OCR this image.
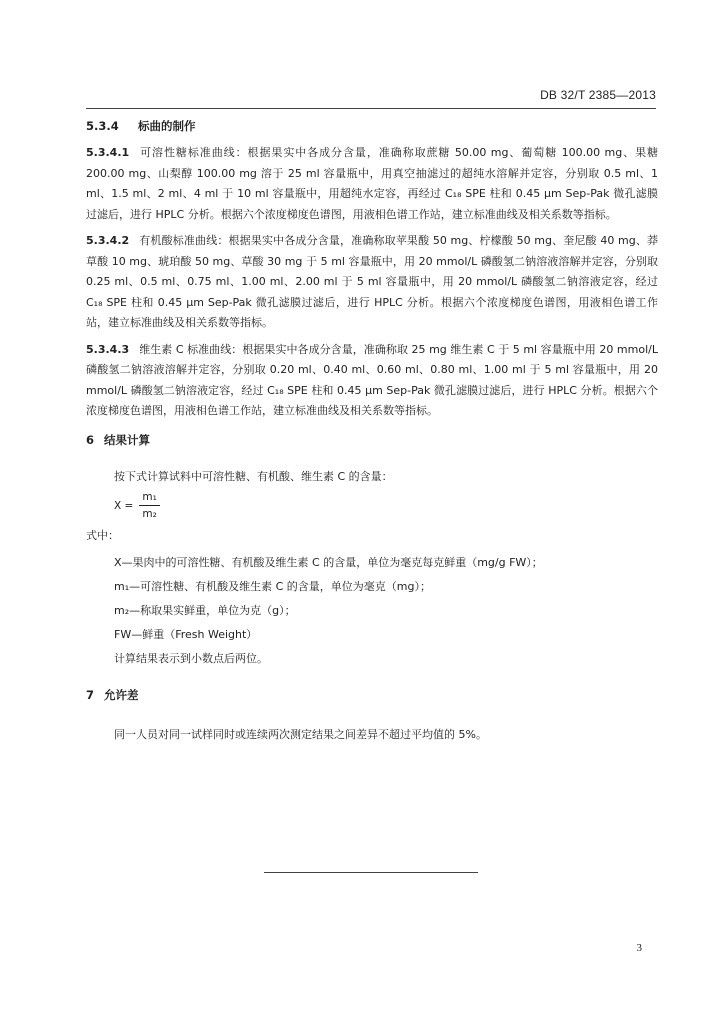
DB 32/T 2385—2013
5.3.4 标曲的制作

5.3.4.1 可溶性糖标准曲线：根据果实中各成分含量，准确称取蔗糖 50.00 mg、葡萄糖 100.00 mg、果糖 200.00 mg、山梨醇 100.00 mg 溶于 25 ml 容量瓶中，用真空抽滤过的超纯水溶解并定容，分别取 0.5 ml、1 ml、1.5 ml、2 ml、4 ml 于 10 ml 容量瓶中，用超纯水定容，再经过 C₁₈ SPE 柱和 0.45 μm Sep-Pak 微孔滤膜过滤后，进行 HPLC 分析。根据六个浓度梯度色谱图，用液相色谱工作站，建立标准曲线及相关系数等指标。

5.3.4.2 有机酸标准曲线：根据果实中各成分含量，准确称取苹果酸 50 mg、柠檬酸 50 mg、奎尼酸 40 mg、莽草酸 10 mg、琥珀酸 50 mg、草酸 30 mg 于 5 ml 容量瓶中，用 20 mmol/L 磷酸氢二钠溶液溶解并定容，分别取 0.25 ml、0.5 ml、0.75 ml、1.00 ml、2.00 ml 于 5 ml 容量瓶中，用 20 mmol/L 磷酸氢二钠溶液定容，经过 C₁₈ SPE 柱和 0.45 μm Sep-Pak 微孔滤膜过滤后，进行 HPLC 分析。根据六个浓度梯度色谱图，用液相色谱工作站，建立标准曲线及相关系数等指标。

5.3.4.3 维生素 C 标准曲线：根据果实中各成分含量，准确称取 25 mg 维生素 C 于 5 ml 容量瓶中用 20 mmol/L 磷酸氢二钠溶液溶解并定容，分别取 0.20 ml、0.40 ml、0.60 ml、0.80 ml、1.00 ml 于 5 ml 容量瓶中，用 20 mmol/L 磷酸氢二钠溶液定容，经过 C₁₈ SPE 柱和 0.45 μm Sep-Pak 微孔滤膜过滤后，进行 HPLC 分析。根据六个浓度梯度色谱图，用液相色谱工作站，建立标准曲线及相关系数等指标。

6 结果计算

按下式计算试料中可溶性糖、有机酸、维生素 C 的含量：

$X = \frac{\text{m₁}}{\text{m₂}}$

式中：

X—果肉中的可溶性糖、有机酸及维生素 C 的含量，单位为毫克每克鲜重（mg/g FW）；

m₁—可溶性糖、有机酸及维生素 C 的含量，单位为毫克（mg）；

m₂—称取果实鲜重，单位为克（g）；

FW—鲜重（Fresh Weight）

计算结果表示到小数点后两位。

7 允许差

同一人员对同一试样同时或连续两次测定结果之间差异不超过平均值的 5%。

3
